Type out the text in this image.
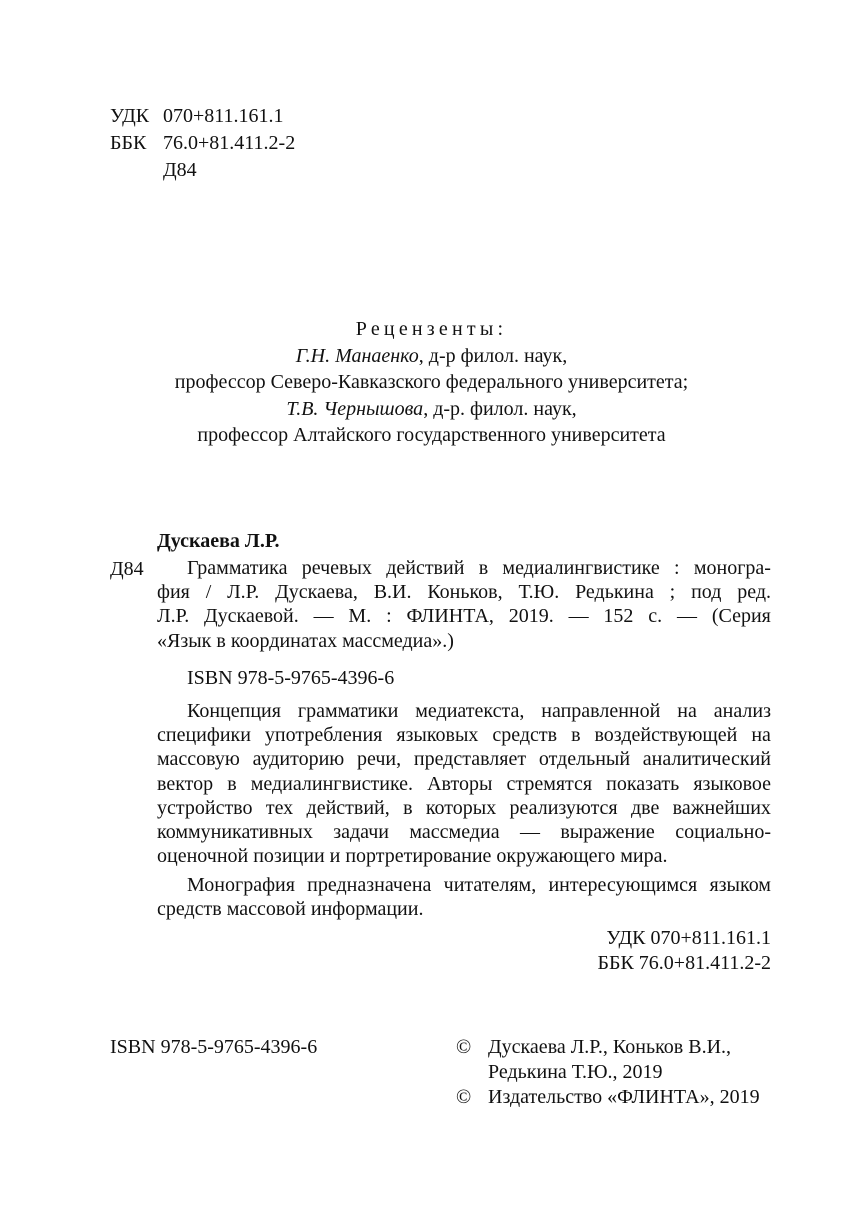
УДК 070+811.161.1
ББК 76.0+81.411.2-2
Д84
Рецензенты:
Г.Н. Манаенко, д-р филол. наук,
профессор Северо-Кавказского федерального университета;
Т.В. Чернышова, д-р. филол. наук,
профессор Алтайского государственного университета
Дускаева Л.Р.
Д84 Грамматика речевых действий в медиалингвистике : моногра-
фия / Л.Р. Дускаева, В.И. Коньков, Т.Ю. Редькина ; под ред.
Л.Р. Дускаевой. — М. : ФЛИНТА, 2019. — 152 с. — (Серия
«Язык в координатах массмедиа».)
ISBN 978-5-9765-4396-6
Концепция грамматики медиатекста, направленной на анализ
специфики употребления языковых средств в воздействующей на
массовую аудиторию речи, представляет отдельный аналитический
вектор в медиалингвистике. Авторы стремятся показать языковое
устройство тех действий, в которых реализуются две важнейших
коммуникативных задачи массмедиа — выражение социально-
оценочной позиции и портретирование окружающего мира.
Монография предназначена читателям, интересующимся языком
средств массовой информации.
УДК 070+811.161.1
ББК 76.0+81.411.2-2
ISBN 978-5-9765-4396-6	© Дускаева Л.Р., Коньков В.И.,
Редькина Т.Ю., 2019
© Издательство «ФЛИНТА», 2019
